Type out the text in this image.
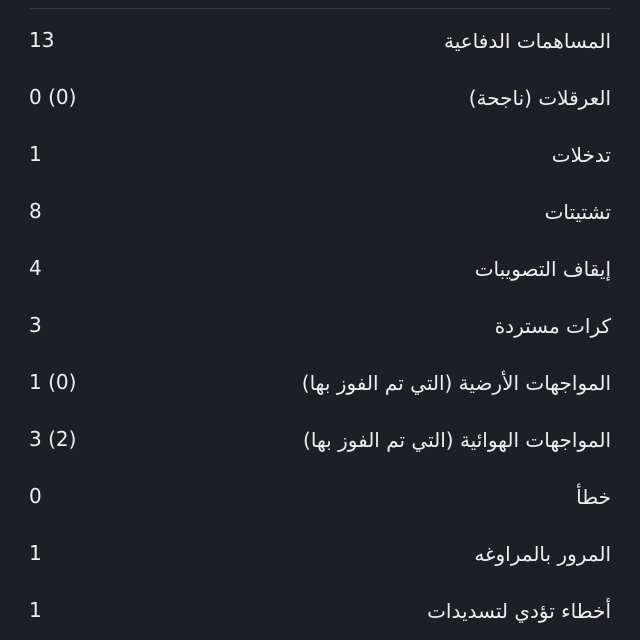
المساهمات الدفاعية
13
العرقلات (ناجحة)
0 (0)
تدخلات
1
تشتيتات
8
إيقاف التصويبات
4
كرات مستردة
3
المواجهات الأرضية (التي تم الفوز بها)
1 (0)
المواجهات الهوائية (التي تم الفوز بها)
3 (2)
خطأ
0
المرور بالمراوغه
1
أخطاء تؤدي لتسديدات
1
